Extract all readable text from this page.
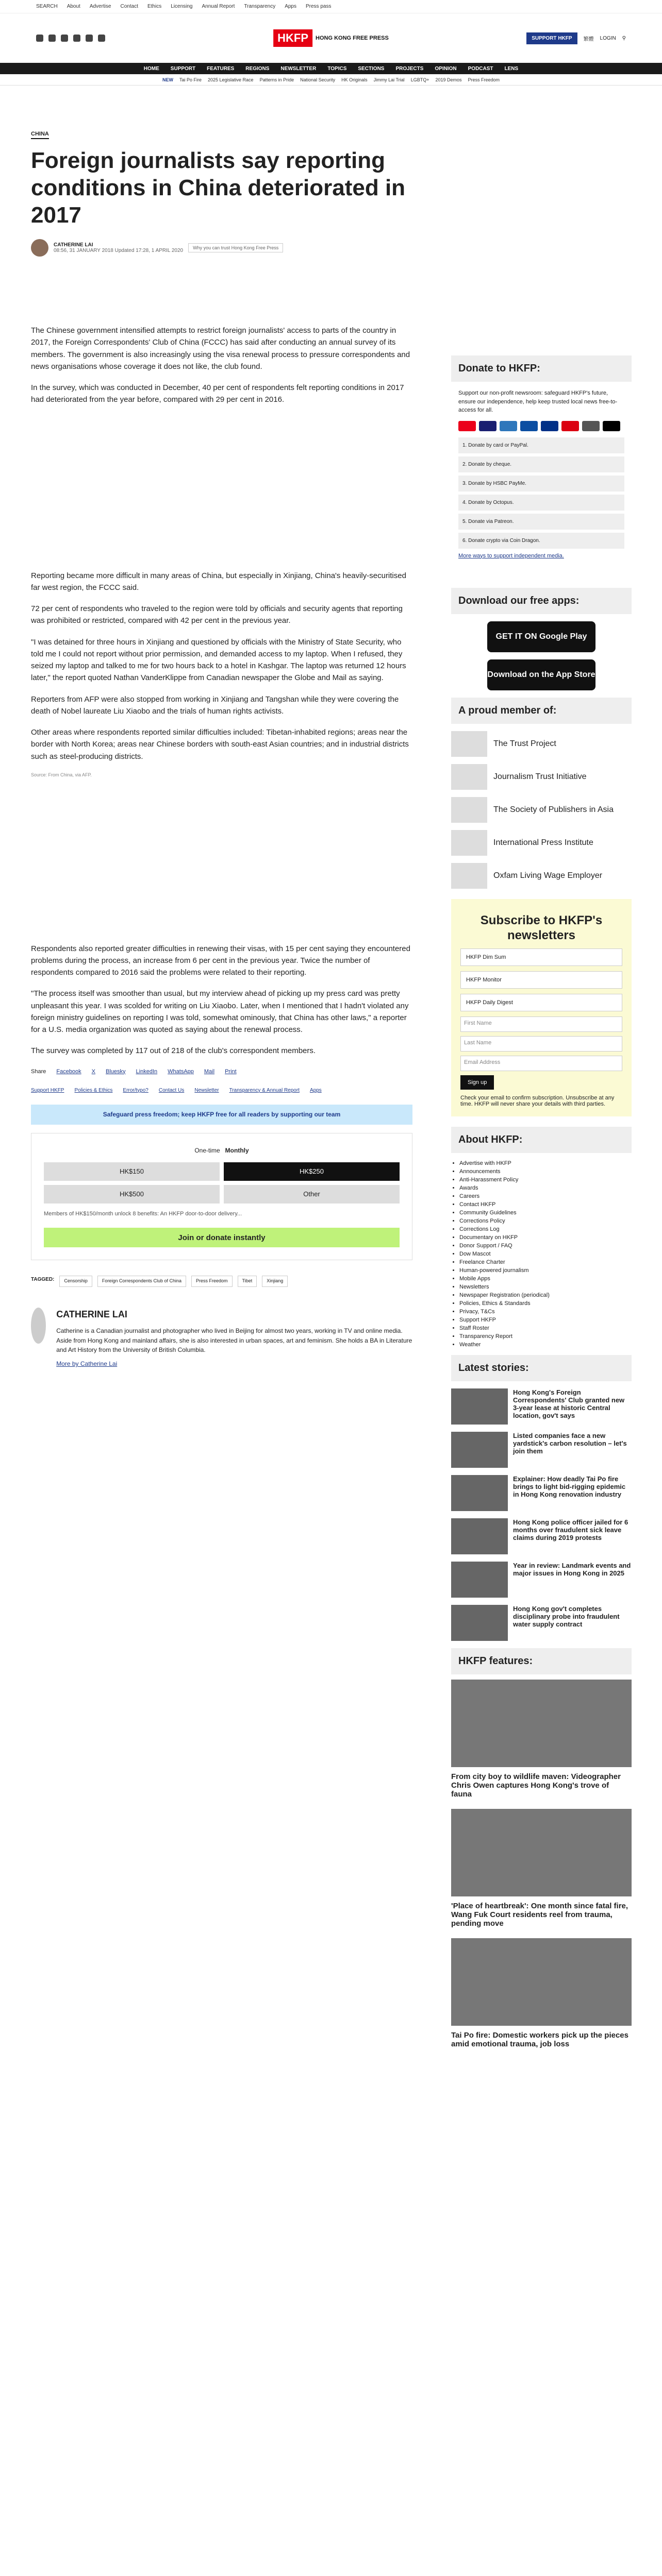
SEARCH About Advertise Contact Ethics Licensing Annual Report Transparency Apps Press pass
HKFP	HONG KONG FREE PRESS	SUPPORT HKFP	繁體 LOGIN ⚲
HOME SUPPORT FEATURES REGIONS NEWSLETTER TOPICS SECTIONS PROJECTS OPINION PODCAST LENS
NEW Tai Po Fire 2025 Legislative Race Patterns in Pride National Security HK Originals Jimmy Lai Trial LGBTQ+ 2019 Demos Press Freedom
CHINA
Foreign journalists say reporting conditions in China deteriorated in 2017
CATHERINE LAI
08:56, 31 JANUARY 2018 Updated 17:28, 1 APRIL 2020	Why you can trust Hong Kong Free Press

The Chinese government intensified attempts to restrict foreign journalists' access to parts of the country in 2017, the Foreign Correspondents' Club of China (FCCC) has said after conducting an annual survey of its members. The government is also increasingly using the visa renewal process to pressure correspondents and news organisations whose coverage it does not like, the club found.

In the survey, which was conducted in December, 40 per cent of respondents felt reporting conditions in 2017 had deteriorated from the year before, compared with 29 per cent in 2016.

Reporting became more difficult in many areas of China, but especially in Xinjiang, China's heavily-securitised far west region, the FCCC said.

72 per cent of respondents who traveled to the region were told by officials and security agents that reporting was prohibited or restricted, compared with 42 per cent in the previous year.

"I was detained for three hours in Xinjiang and questioned by officials with the Ministry of State Security, who told me I could not report without prior permission, and demanded access to my laptop. When I refused, they seized my laptop and talked to me for two hours back to a hotel in Kashgar. The laptop was returned 12 hours later," the report quoted Nathan VanderKlippe from Canadian newspaper the Globe and Mail as saying.

Reporters from AFP were also stopped from working in Xinjiang and Tangshan while they were covering the death of Nobel laureate Liu Xiaobo and the trials of human rights activists.

Other areas where respondents reported similar difficulties included: Tibetan-inhabited regions; areas near the border with North Korea; areas near Chinese borders with south-east Asian countries; and in industrial districts such as steel-producing districts.

Source: From China, via AFP.

Respondents also reported greater difficulties in renewing their visas, with 15 per cent saying they encountered problems during the process, an increase from 6 per cent in the previous year. Twice the number of respondents compared to 2016 said the problems were related to their reporting.

"The process itself was smoother than usual, but my interview ahead of picking up my press card was pretty unpleasant this year. I was scolded for writing on Liu Xiaobo. Later, when I mentioned that I hadn't violated any foreign ministry guidelines on reporting I was told, somewhat ominously, that China has other laws," a reporter for a U.S. media organization was quoted as saying about the renewal process.

The survey was completed by 117 out of 218 of the club's correspondent members.

Share Facebook X Bluesky LinkedIn WhatsApp Mail Print
Support HKFP Policies & Ethics Error/typo? Contact Us Newsletter Transparency & Annual Report Apps
Safeguard press freedom; keep HKFP free for all readers by supporting our team
One-time Monthly
HK$150	HK$250
HK$500	Other

Members of HK$150/month unlock 8 benefits: An HKFP door-to-door delivery...

Join or donate instantly
TAGGED:	Censorship	Foreign Correspondents Club of China	Press Freedom	Tibet	Xinjiang
CATHERINE LAI

Catherine is a Canadian journalist and photographer who lived in Beijing for almost two years, working in TV and online media. Aside from Hong Kong and mainland affairs, she is also interested in urban spaces, art and feminism. She holds a BA in Literature and Art History from the University of British Columbia.

More by Catherine Lai
Donate to HKFP:

Support our non-profit newsroom: safeguard HKFP's future, ensure our independence, help keep trusted local news free-to-access for all.

1. Donate by card or PayPal.
2. Donate by cheque.
3. Donate by HSBC PayMe.
4. Donate by Octopus.
5. Donate via Patreon.
6. Donate crypto via Coin Dragon.
More ways to support independent media.
Download our free apps:
GET IT ON Google Play
Download on the App Store
A proud member of:
The Trust Project
Journalism Trust Initiative
The Society of Publishers in Asia
International Press Institute
Oxfam Living Wage Employer
Subscribe to HKFP's newsletters
HKFP Dim Sum
HKFP Monitor
HKFP Daily Digest
First Name
Last Name
Email Address
Sign up

Check your email to confirm subscription. Unsubscribe at any time. HKFP will never share your details with third parties.

About HKFP:
• Advertise with HKFP
• Announcements
• Anti-Harassment Policy
• Awards
• Careers
• Contact HKFP
• Community Guidelines
• Corrections Policy
• Corrections Log
• Documentary on HKFP
• Donor Support / FAQ
• Dow Mascot
• Freelance Charter
• Human-powered journalism
• Mobile Apps
• Newsletters
• Newspaper Registration (periodical)
• Policies, Ethics & Standards
• Privacy, T&Cs
• Support HKFP
• Staff Roster
• Transparency Report
• Weather
Latest stories:
Hong Kong's Foreign Correspondents' Club granted new 3-year lease at historic Central location, gov't says
Listed companies face a new yardstick's carbon resolution – let's join them
Explainer: How deadly Tai Po fire brings to light bid-rigging epidemic in Hong Kong renovation industry
Hong Kong police officer jailed for 6 months over fraudulent sick leave claims during 2019 protests
Year in review: Landmark events and major issues in Hong Kong in 2025
Hong Kong gov't completes disciplinary probe into fraudulent water supply contract
HKFP features:
From city boy to wildlife maven: Videographer Chris Owen captures Hong Kong's trove of fauna
'Place of heartbreak': One month since fatal fire, Wang Fuk Court residents reel from trauma, pending move
Tai Po fire: Domestic workers pick up the pieces amid emotional trauma, job loss
